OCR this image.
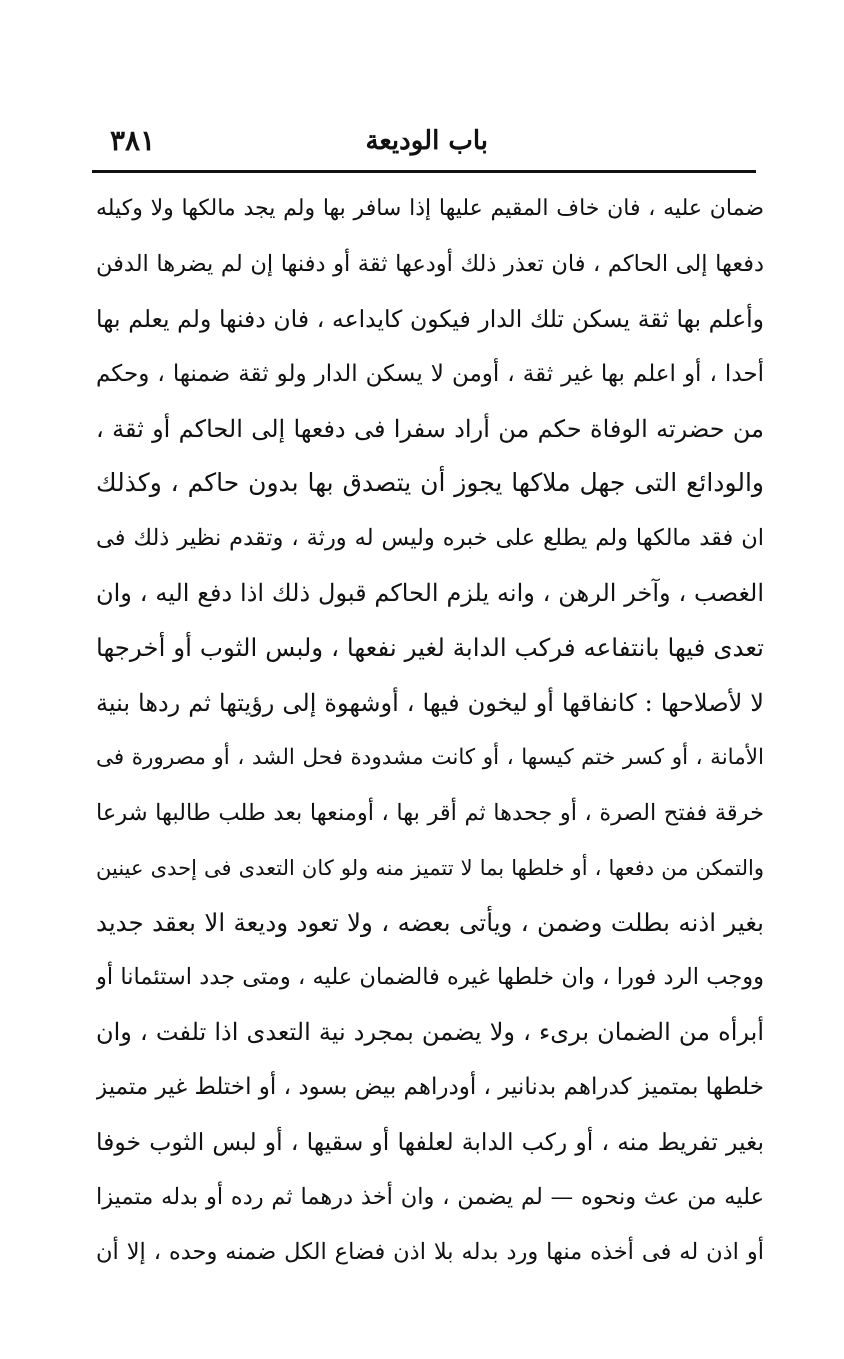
باب الوديعة
٣٨١
ضمان عليه ، فان خاف المقيم عليها إذا سافر بها ولم يجد مالكها ولا وكيله
دفعها إلى الحاكم ، فان تعذر ذلك أودعها ثقة أو دفنها إن لم يضرها الدفن
وأعلم بها ثقة يسكن تلك الدار فيكون كايداعه ، فان دفنها ولم يعلم بها
أحدا ، أو اعلم بها غير ثقة ، أومن لا يسكن الدار ولو ثقة ضمنها ، وحكم
من حضرته الوفاة حكم من أراد سفرا فى دفعها إلى الحاكم أو ثقة ،
والودائع التى جهل ملاكها يجوز أن يتصدق بها بدون حاكم ، وكذلك
ان فقد مالكها ولم يطلع على خبره وليس له ورثة ، وتقدم نظير ذلك فى
الغصب ، وآخر الرهن ، وانه يلزم الحاكم قبول ذلك اذا دفع اليه ، وان
تعدى فيها بانتفاعه فركب الدابة لغير نفعها ، ولبس الثوب أو أخرجها
لا لأصلاحها : كانفاقها أو ليخون فيها ، أوشهوة إلى رؤيتها ثم ردها بنية
الأمانة ، أو كسر ختم كيسها ، أو كانت مشدودة فحل الشد ، أو مصرورة فى
خرقة ففتح الصرة ، أو جحدها ثم أقر بها ، أومنعها بعد طلب طالبها شرعا
والتمكن من دفعها ، أو خلطها بما لا تتميز منه ولو كان التعدى فى إحدى عينين
بغير اذنه بطلت وضمن ، ويأتى بعضه ، ولا تعود وديعة الا بعقد جديد
ووجب الرد فورا ، وان خلطها غيره فالضمان عليه ، ومتى جدد استئمانا أو
أبرأه من الضمان برىء ، ولا يضمن بمجرد نية التعدى اذا تلفت ، وان
خلطها بمتميز كدراهم بدنانير ، أودراهم بيض بسود ، أو اختلط غير متميز
بغير تفريط منه ، أو ركب الدابة لعلفها أو سقيها ، أو لبس الثوب خوفا
عليه من عث ونحوه — لم يضمن ، وان أخذ درهما ثم رده أو بدله متميزا
أو اذن له فى أخذه منها ورد بدله بلا اذن فضاع الكل ضمنه وحده ، إلا أن
